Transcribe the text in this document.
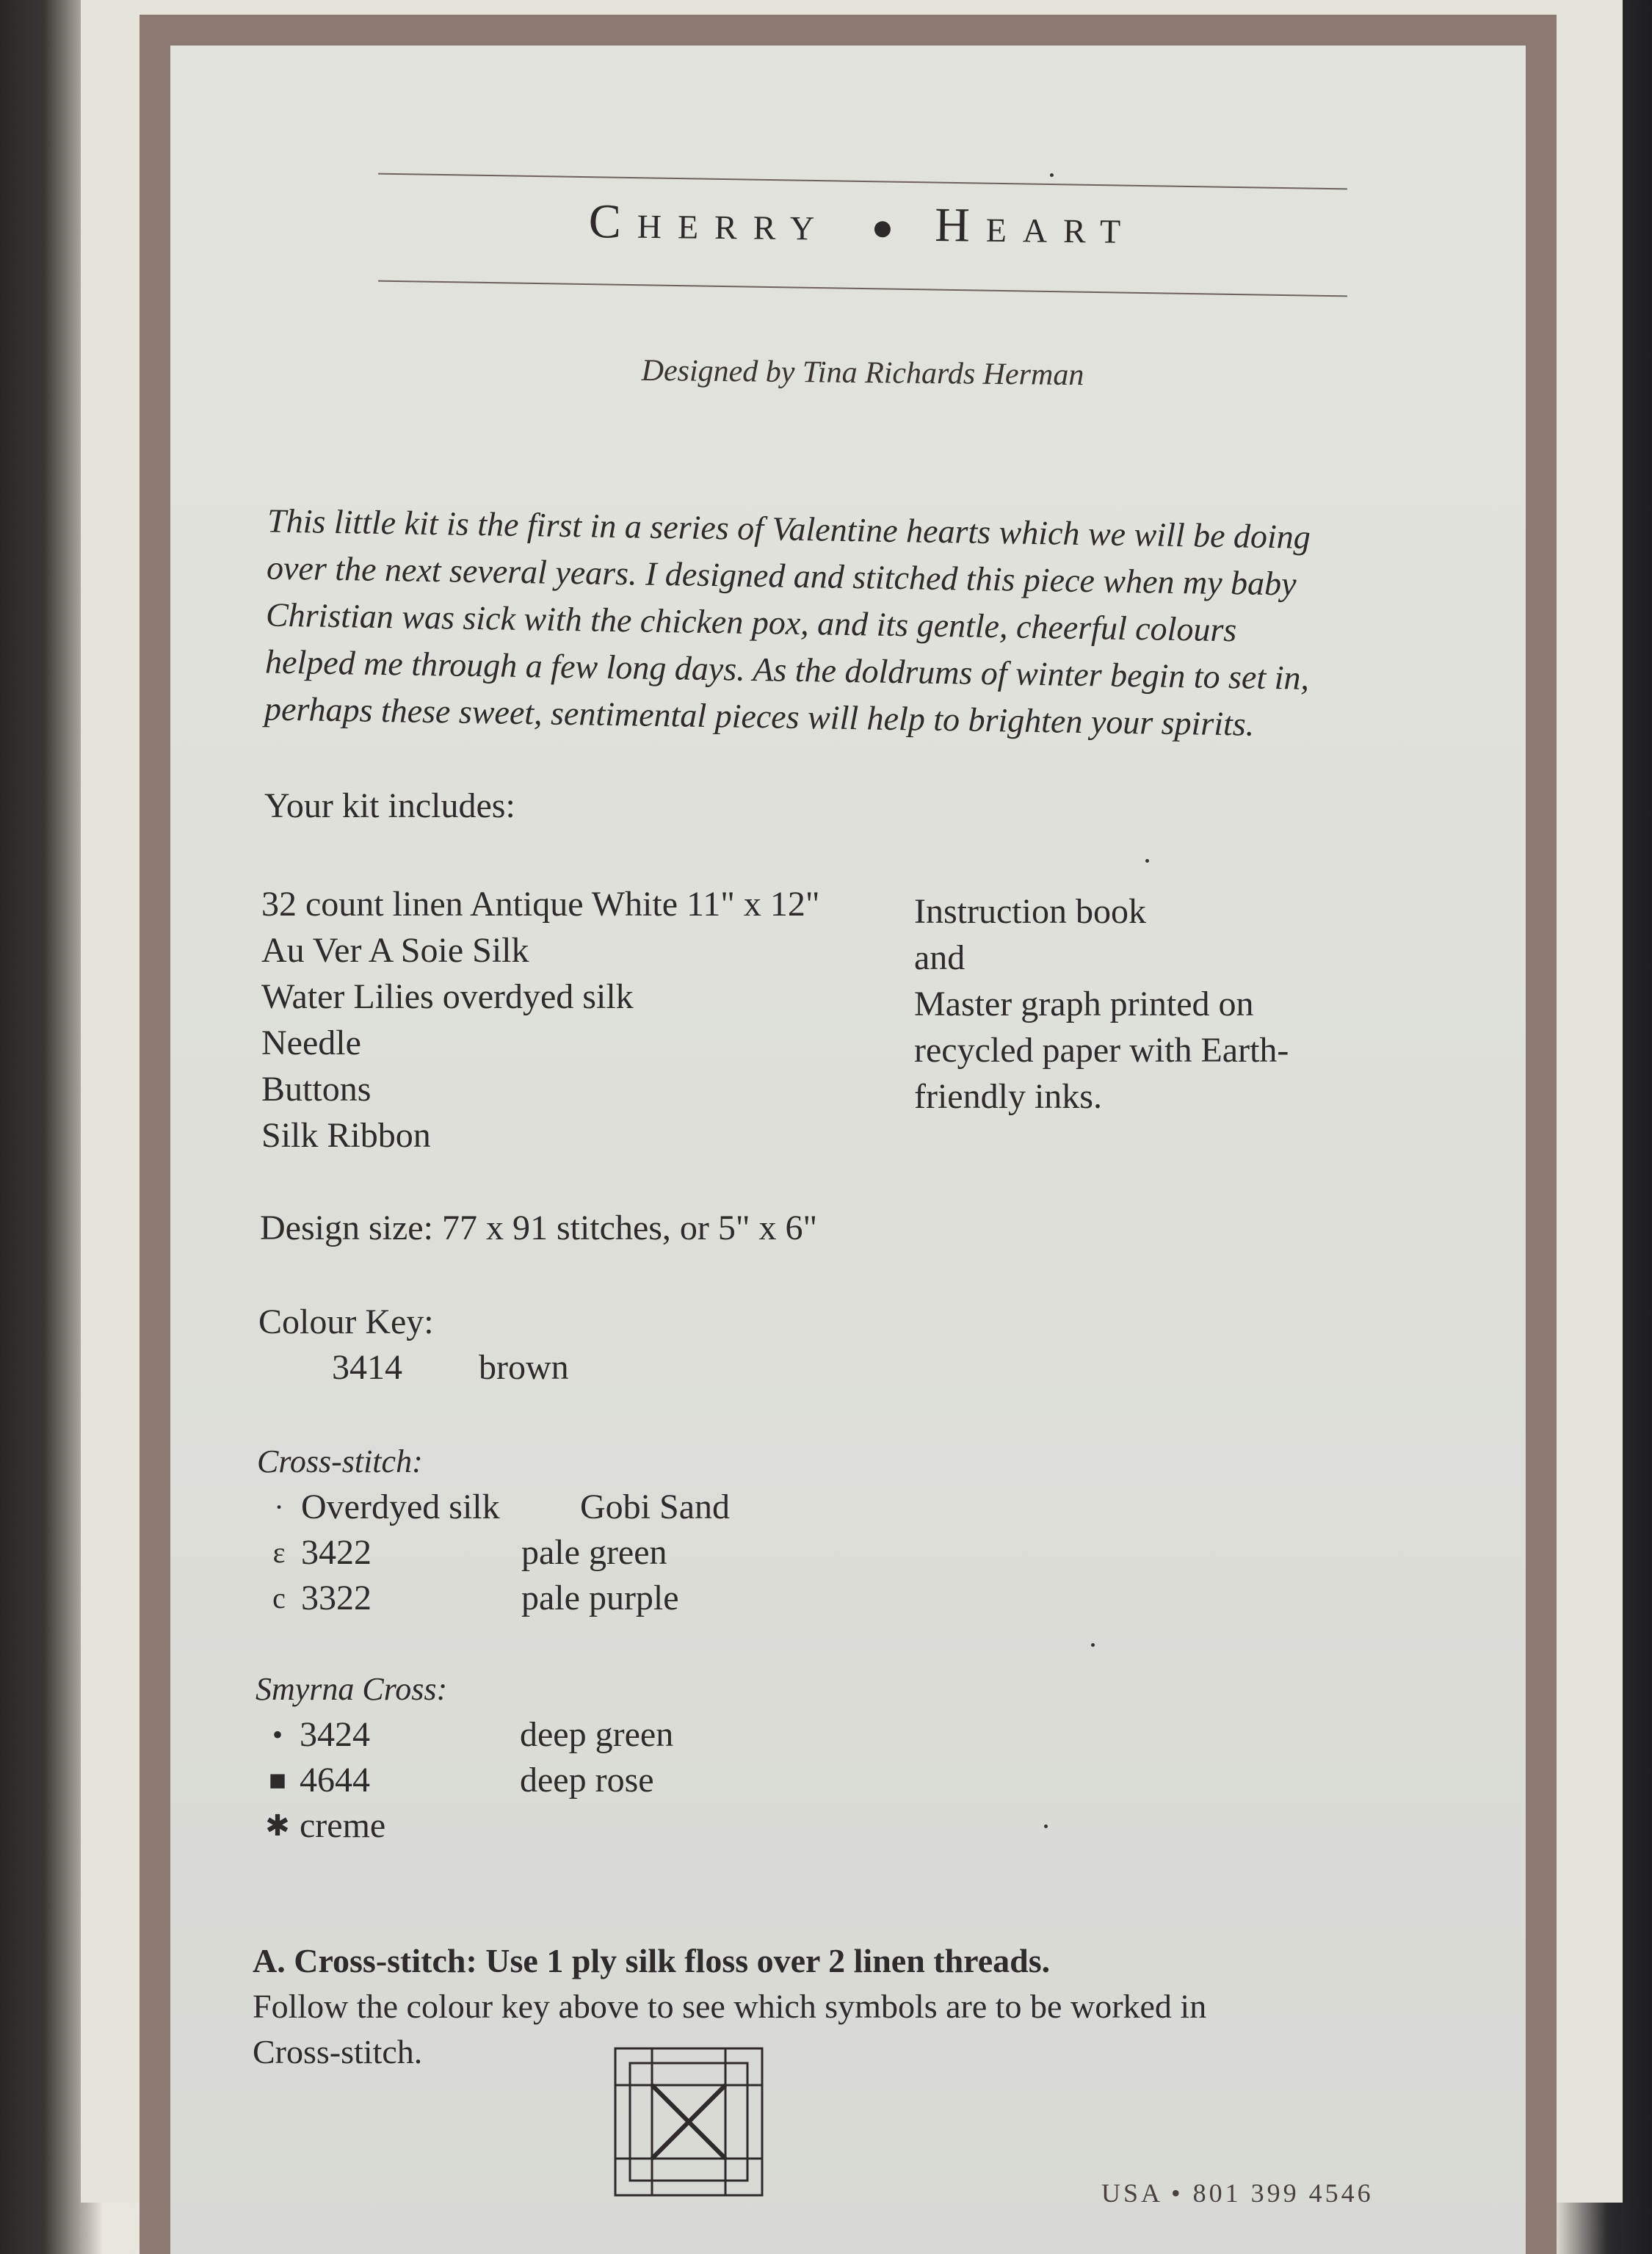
Cherry Heart
Designed by Tina Richards Herman

This little kit is the first in a series of Valentine hearts which we will be doing

over the next several years. I designed and stitched this piece when my baby

Christian was sick with the chicken pox, and its gentle, cheerful colours

helped me through a few long days. As the doldrums of winter begin to set in,

perhaps these sweet, sentimental pieces will help to brighten your spirits.

Your kit includes:
32 count linen Antique White 11" x 12"
Au Ver A Soie Silk
Water Lilies overdyed silk
Needle
Buttons
Silk Ribbon
Instruction book
and
Master graph printed on
recycled paper with Earth-
friendly inks.
Design size: 77 x 91 stitches, or 5" x 6"
Colour Key:
3414	brown
Cross-stitch:
· Overdyed silk	Gobi Sand
ε 3422	pale green
c 3322	pale purple
Smyrna Cross:
• 3424	deep green
■ 4644	deep rose
✱ creme
A. Cross-stitch: Use 1 ply silk floss over 2 linen threads.
Follow the colour key above to see which symbols are to be worked in
Cross-stitch.
USA • 801 399 4546
